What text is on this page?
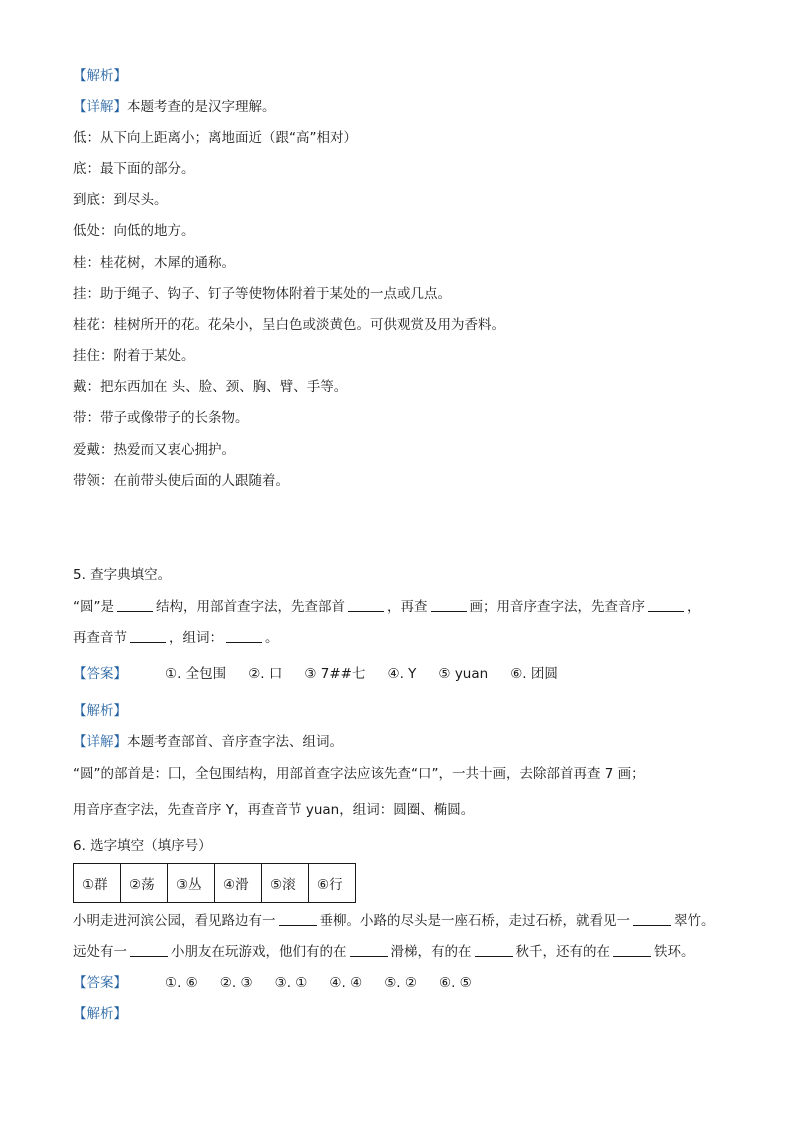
【解析】
【详解】本题考查的是汉字理解。
低：从下向上距离小；离地面近（跟“高”相对）
底：最下面的部分。
到底：到尽头。
低处：向低的地方。
桂：桂花树，木犀的通称。
挂：助于绳子、钩子、钉子等使物体附着于某处的一点或几点。
桂花：桂树所开的花。花朵小，呈白色或淡黄色。可供观赏及用为香料。
挂住：附着于某处。
戴：把东西加在 头、脸、颈、胸、臂、手等。
带：带子或像带子的长条物。
爱戴：热爱而又衷心拥护。
带领：在前带头使后面的人跟随着。
5. 查字典填空。
“圆”是	结构，用部首查字法，先查部首	，再查	画；用音序查字法，先查音序	，
再查音节	，组词：	。
【答案】	①. 全包围 ②. 口 ③ 7##七 ④. Y ⑤ yuan ⑥. 团圆
【解析】
【详解】本题考查部首、音序查字法、组词。
“圆”的部首是：囗，全包围结构，用部首查字法应该先查“口”，一共十画，去除部首再查 7 画；
用音序查字法，先查音序 Y，再查音节 yuan，组词：圆圈、椭圆。
6. 选字填空（填序号）
①群	②荡	③丛	④滑	⑤滚	⑥行
小明走进河滨公园，看见路边有一	垂柳。小路的尽头是一座石桥，走过石桥，就看见一	翠竹。
远处有一	小朋友在玩游戏，他们有的在	滑梯，有的在	秋千，还有的在	铁环。
【答案】	①. ⑥ ②. ③ ③. ① ④. ④ ⑤. ② ⑥. ⑤
【解析】
